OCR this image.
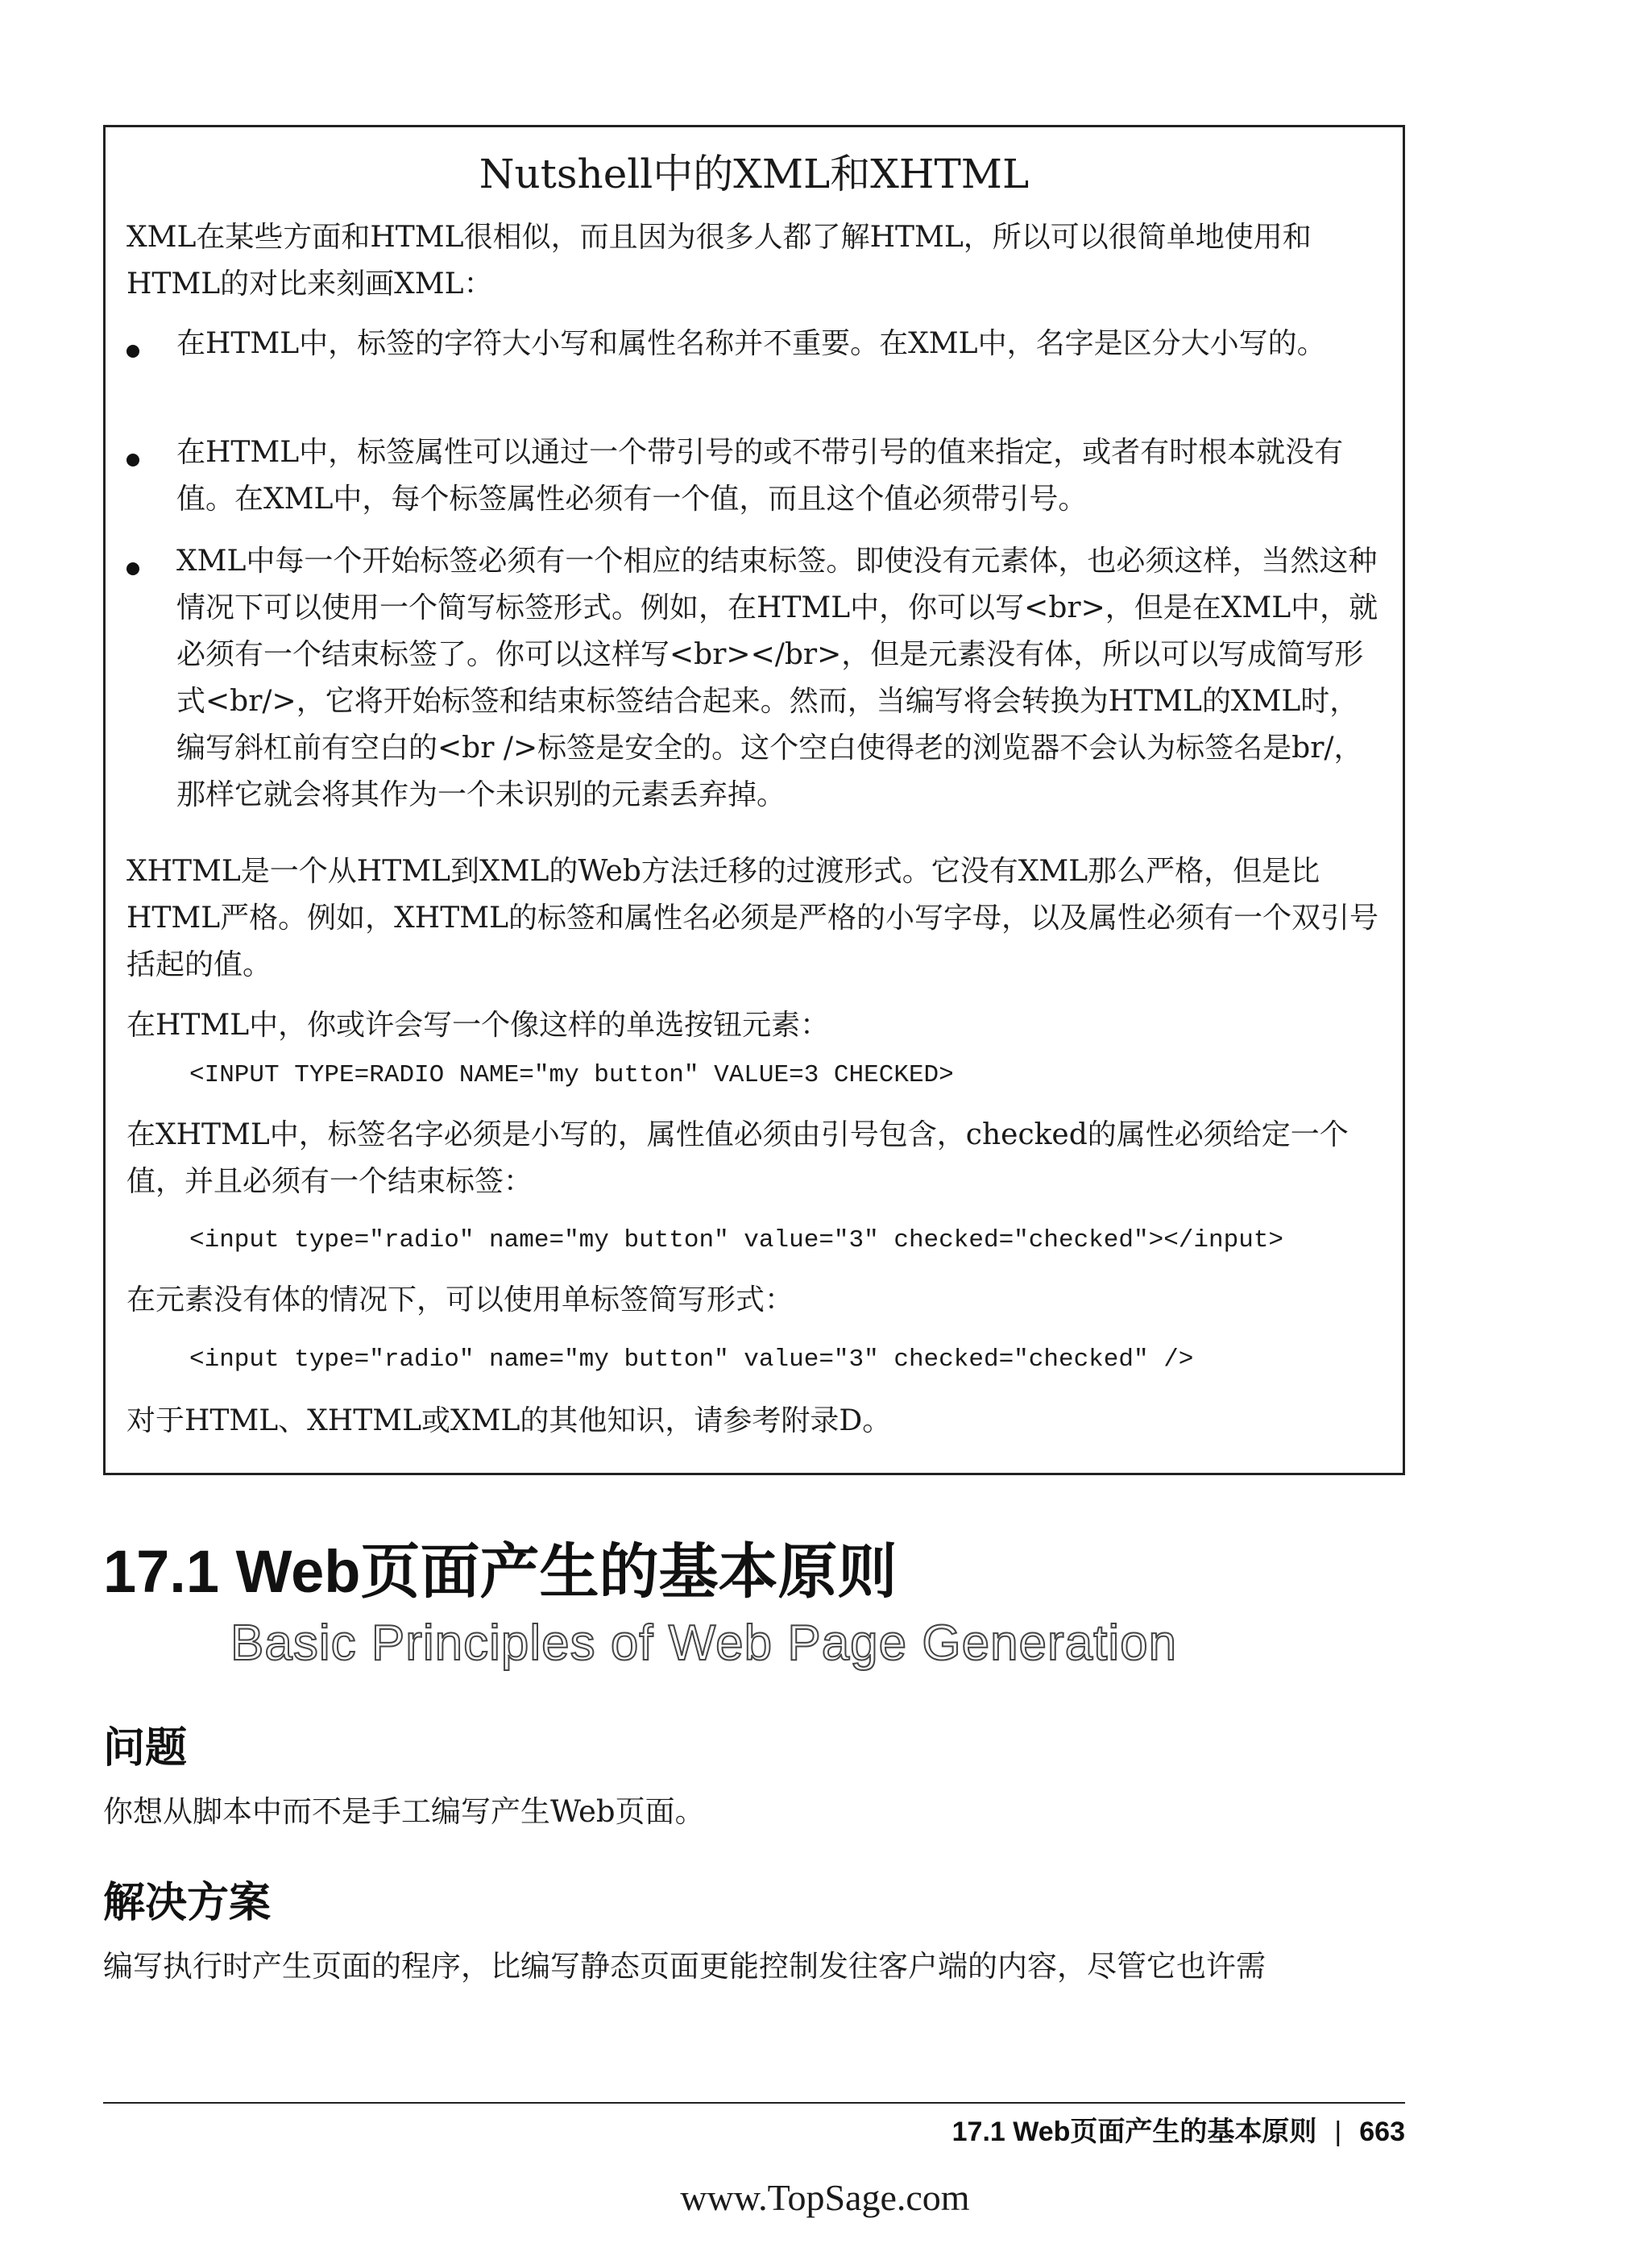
Nutshell中的XML和XHTML

XML在某些方面和HTML很相似，而且因为很多人都了解HTML，所以可以很简单地使用和HTML的对比来刻画XML：

在HTML中，标签的字符大小写和属性名称并不重要。在XML中，名字是区分大小写的。

在HTML中，标签属性可以通过一个带引号的或不带引号的值来指定，或者有时根本就没有值。在XML中，每个标签属性必须有一个值，而且这个值必须带引号。

XML中每一个开始标签必须有一个相应的结束标签。即使没有元素体，也必须这样，当然这种情况下可以使用一个简写标签形式。例如，在HTML中，你可以写<br>，但是在XML中，就必须有一个结束标签了。你可以这样写<br></br>，但是元素没有体，所以可以写成简写形式<br/>，它将开始标签和结束标签结合起来。然而，当编写将会转换为HTML的XML时，编写斜杠前有空白的<br />标签是安全的。这个空白使得老的浏览器不会认为标签名是br/，那样它就会将其作为一个未识别的元素丢弃掉。

XHTML是一个从HTML到XML的Web方法迁移的过渡形式。它没有XML那么严格，但是比HTML严格。例如，XHTML的标签和属性名必须是严格的小写字母，以及属性必须有一个双引号括起的值。

在HTML中，你或许会写一个像这样的单选按钮元素：

<INPUT TYPE=RADIO NAME="my button" VALUE=3 CHECKED>

在XHTML中，标签名字必须是小写的，属性值必须由引号包含，checked的属性必须给定一个值，并且必须有一个结束标签：

<input type="radio" name="my button" value="3" checked="checked"></input>

在元素没有体的情况下，可以使用单标签简写形式：

<input type="radio" name="my button" value="3" checked="checked" />

对于HTML、XHTML或XML的其他知识，请参考附录D。

17.1 Web页面产生的基本原则
Basic Principles of Web Page Generation
问题
你想从脚本中而不是手工编写产生Web页面。
解决方案
编写执行时产生页面的程序，比编写静态页面更能控制发往客户端的内容，尽管它也许需
17.1 Web页面产生的基本原则 | 663
www.TopSage.com
